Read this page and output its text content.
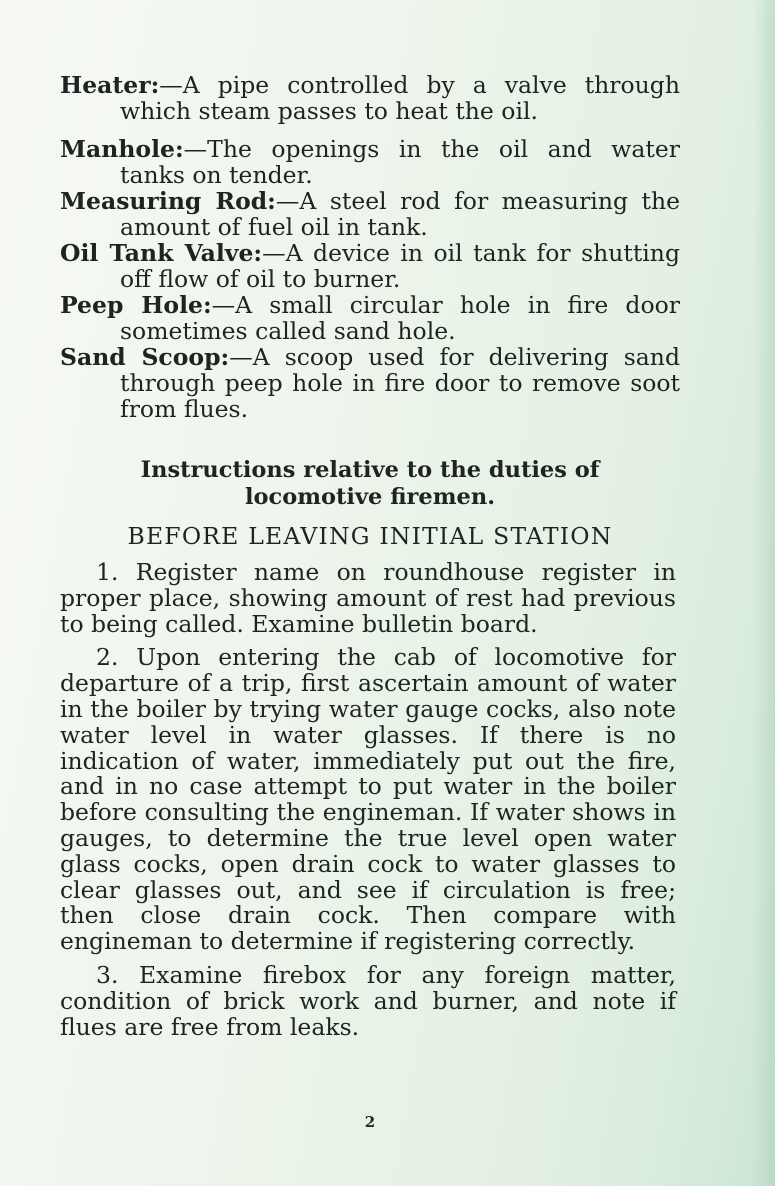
Heater:—A pipe controlled by a valve through which steam passes to heat the oil.

Manhole:—The openings in the oil and water tanks on tender.

Measuring Rod:—A steel rod for measuring the amount of fuel oil in tank.

Oil Tank Valve:—A device in oil tank for shutting off flow of oil to burner.

Peep Hole:—A small circular hole in fire door sometimes called sand hole.

Sand Scoop:—A scoop used for delivering sand through peep hole in fire door to remove soot from flues.

Instructions relative to the duties of locomotive firemen.
BEFORE LEAVING INITIAL STATION

1. Register name on roundhouse register in proper place, showing amount of rest had previous to being called. Examine bulletin board.

2. Upon entering the cab of locomotive for departure of a trip, first ascertain amount of water in the boiler by trying water gauge cocks, also note water level in water glasses. If there is no indication of water, immediately put out the fire, and in no case attempt to put water in the boiler before consulting the engineman. If water shows in gauges, to determine the true level open water glass cocks, open drain cock to water glasses to clear glasses out, and see if circulation is free; then close drain cock. Then compare with engineman to determine if registering correctly.

3. Examine firebox for any foreign matter, condition of brick work and burner, and note if flues are free from leaks.

2
